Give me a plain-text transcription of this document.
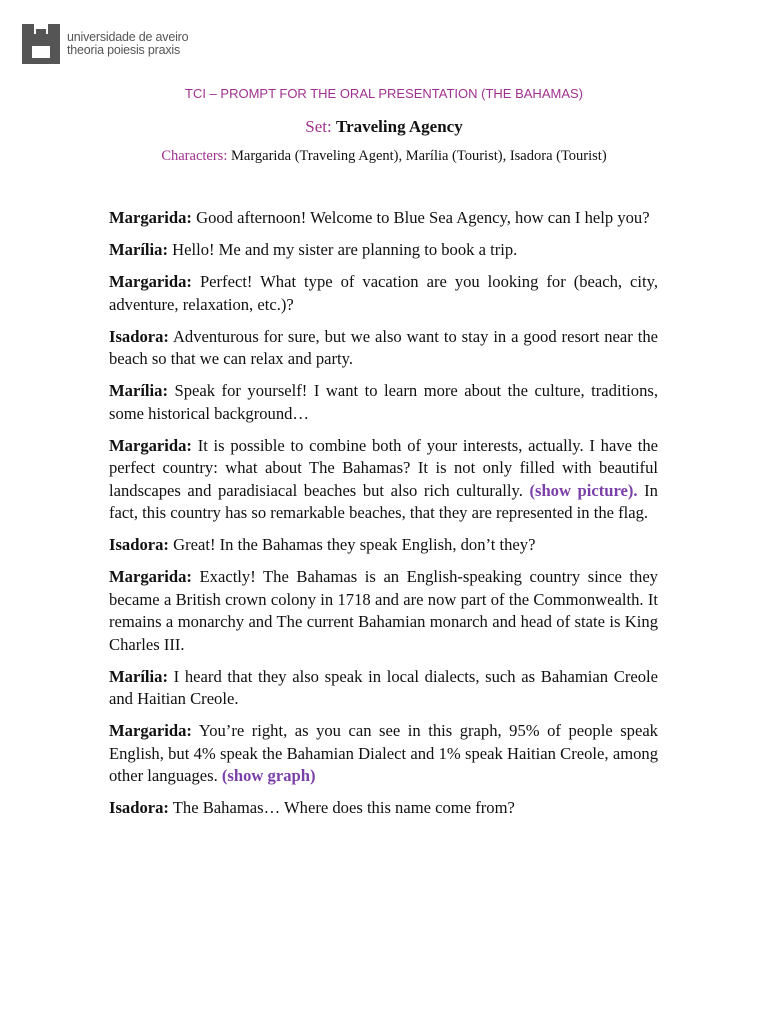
universidade de aveiro
theoria poiesis praxis
TCI – PROMPT FOR THE ORAL PRESENTATION (THE BAHAMAS)
Set: Traveling Agency
Characters: Margarida (Traveling Agent), Marília (Tourist), Isadora (Tourist)

Margarida: Good afternoon! Welcome to Blue Sea Agency, how can I help you?

Marília: Hello! Me and my sister are planning to book a trip.

Margarida: Perfect! What type of vacation are you looking for (beach, city, adventure, relaxation, etc.)?

Isadora: Adventurous for sure, but we also want to stay in a good resort near the beach so that we can relax and party.

Marília: Speak for yourself! I want to learn more about the culture, traditions, some historical background…

Margarida: It is possible to combine both of your interests, actually. I have the perfect country: what about The Bahamas? It is not only filled with beautiful landscapes and paradisiacal beaches but also rich culturally. (show picture). In fact, this country has so remarkable beaches, that they are represented in the flag.

Isadora: Great! In the Bahamas they speak English, don’t they?

Margarida: Exactly! The Bahamas is an English-speaking country since they became a British crown colony in 1718 and are now part of the Commonwealth. It remains a monarchy and The current Bahamian monarch and head of state is King Charles III.

Marília: I heard that they also speak in local dialects, such as Bahamian Creole and Haitian Creole.

Margarida: You’re right, as you can see in this graph, 95% of people speak English, but 4% speak the Bahamian Dialect and 1% speak Haitian Creole, among other languages. (show graph)

Isadora: The Bahamas… Where does this name come from?
